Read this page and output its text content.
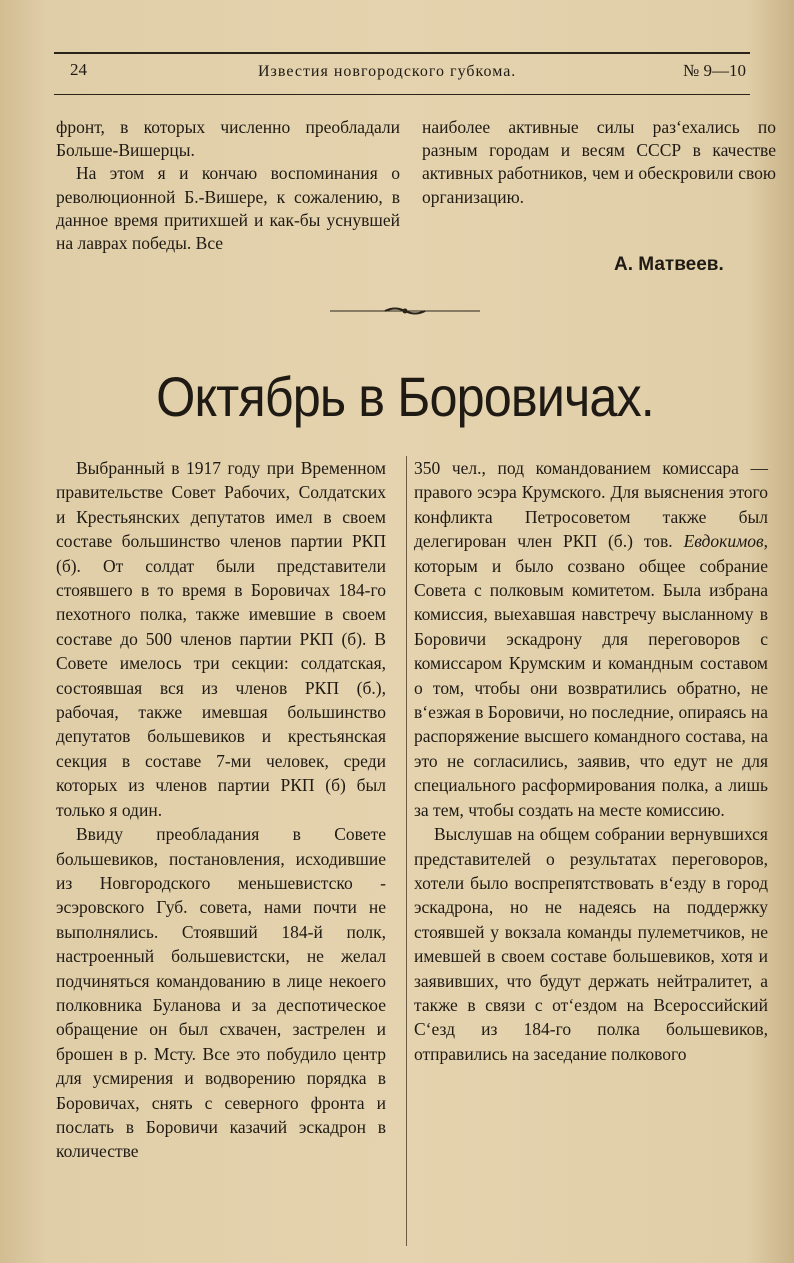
24	Известия новгородского губкома.	№ 9—10

фронт, в которых численно преобладали Больше-Вишерцы.

На этом я и кончаю воспоминания о революционной Б.-Вишере, к сожалению, в данное время притихшей и как-бы уснувшей на лаврах победы. Все

наиболее активные силы раз‘ехались по разным городам и весям СССР в качестве активных работников, чем и обескровили свою организацию.

А. Матвеев.
Октябрь в Боровичах.

Выбранный в 1917 году при Временном правительстве Совет Рабочих, Солдатских и Крестьянских депутатов имел в своем составе большинство членов партии РКП (б). От солдат были представители стоявшего в то время в Боровичах 184-го пехотного полка, также имевшие в своем составе до 500 членов партии РКП (б). В Совете имелось три секции: солдатская, состоявшая вся из членов РКП (б.), рабочая, также имевшая большинство депутатов большевиков и крестьянская секция в составе 7-ми человек, среди которых из членов партии РКП (б) был только я один.

Ввиду преобладания в Совете большевиков, постановления, исходившие из Новгородского меньшевистско - эсэровского Губ. совета, нами почти не выполнялись. Стоявший 184-й полк, настроенный большевистски, не желал подчиняться командованию в лице некоего полковника Буланова и за деспотическое обращение он был схвачен, застрелен и брошен в р. Мсту. Все это побудило центр для усмирения и водворению порядка в Боровичах, снять с северного фронта и послать в Боровичи казачий эскадрон в количестве

350 чел., под командованием комиссара — правого эсэра Крумского. Для выяснения этого конфликта Петросоветом также был делегирован член РКП (б.) тов. Евдокимов, которым и было созвано общее собрание Совета с полковым комитетом. Была избрана комиссия, выехавшая навстречу высланному в Боровичи эскадрону для переговоров с комиссаром Крумским и командным составом о том, чтобы они возвратились обратно, не в‘езжая в Боровичи, но последние, опираясь на распоряжение высшего командного состава, на это не согласились, заявив, что едут не для специального расформирования полка, а лишь за тем, чтобы создать на месте комиссию.

Выслушав на общем собрании вернувшихся представителей о результатах переговоров, хотели было воспрепятствовать в‘езду в город эскадрона, но не надеясь на поддержку стоявшей у вокзала команды пулеметчиков, не имевшей в своем составе большевиков, хотя и заявивших, что будут держать нейтралитет, а также в связи с от‘ездом на Всероссийский С‘езд из 184-го полка большевиков, отправились на заседание полкового
